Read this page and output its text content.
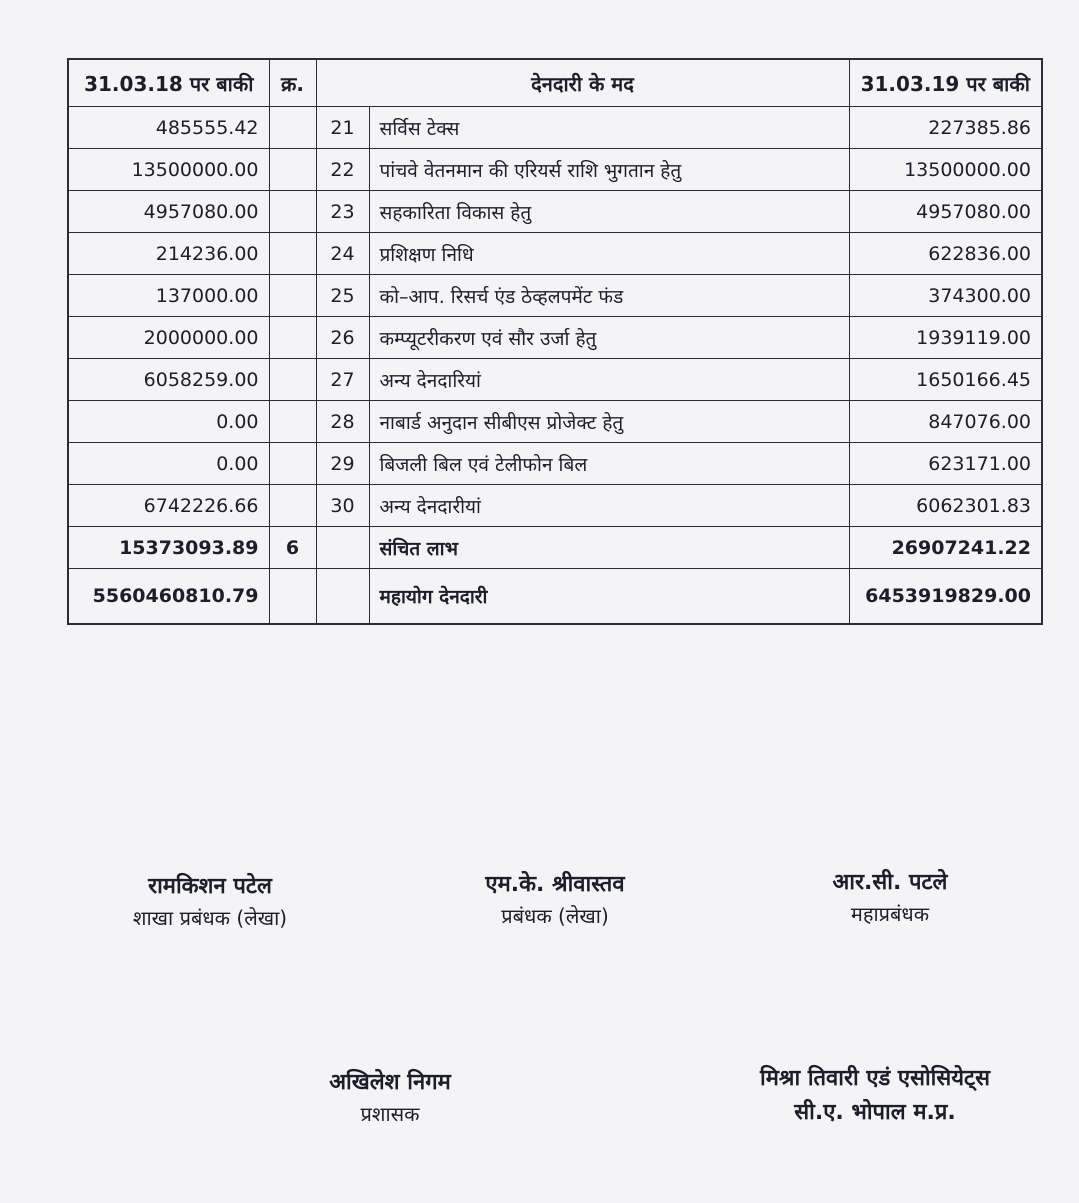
31.03.18 पर बाकी	क्र.	देनदारी के मद		31.03.19 पर बाकी
485555.42		21	सर्विस टेक्स	227385.86
13500000.00		22	पांचवे वेतनमान की एरियर्स राशि भुगतान हेतु	13500000.00
4957080.00		23	सहकारिता विकास हेतु	4957080.00
214236.00		24	प्रशिक्षण निधि	622836.00
137000.00		25	को–आप. रिसर्च एंड ठेव्हलपमेंट फंड	374300.00
2000000.00		26	कम्प्यूटरीकरण एवं सौर उर्जा हेतु	1939119.00
6058259.00		27	अन्य देनदारियां	1650166.45
0.00		28	नाबार्ड अनुदान सीबीएस प्रोजेक्ट हेतु	847076.00
0.00		29	बिजली बिल एवं टेलीफोन बिल	623171.00
6742226.66		30	अन्य देनदारीयां	6062301.83
15373093.89	6		संचित लाभ	26907241.22
5560460810.79			महायोग देनदारी	6453919829.00
रामकिशन पटेल
शाखा प्रबंधक (लेखा)
एम.के. श्रीवास्तव
प्रबंधक (लेखा)
आर.सी. पटले
महाप्रबंधक
अखिलेश निगम
प्रशासक
मिश्रा तिवारी एडं एसोसियेट्स
सी.ए. भोपाल म.प्र.
